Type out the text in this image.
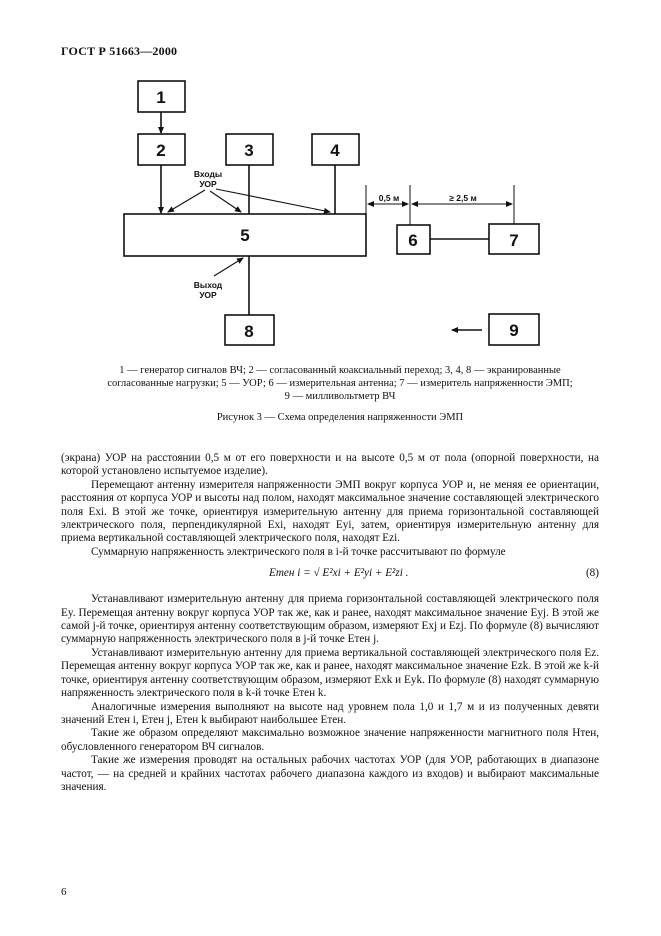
ГОСТ Р 51663—2000
1
2	3	4
5	6	7
8	9
Входы
УОР
Выход
УОР
0,5 м	≥ 2,5 м
1 — генератор сигналов ВЧ; 2 — согласованный коаксиальный переход; 3, 4, 8 — экранированные
согласованные нагрузки; 5 — УОР; 6 — измерительная антенна; 7 — измеритель напряженности ЭМП;
9 — милливольтметр ВЧ
Рисунок 3 — Схема определения напряженности ЭМП

(экрана) УОР на расстоянии 0,5 м от его поверхности и на высоте 0,5 м от пола (опорной поверхности, на которой установлено испытуемое изделие).

Перемещают антенну измерителя напряженности ЭМП вокруг корпуса УОР и, не меняя ее ориентации, расстояния от корпуса УОР и высоты над полом, находят максимальное значение составляющей электрического поля Exi. В этой же точке, ориентируя измерительную антенну для приема горизонтальной составляющей электрического поля, перпендикулярной Exi, находят Eyi, затем, ориентируя измерительную антенну для приема вертикальной составляющей электрического поля, находят Ezi.

Суммарную напряженность электрического поля в i-й точке рассчитывают по формуле

Eтен i = √ E²xi + E²yi + E²zi .	(8)

Устанавливают измерительную антенну для приема горизонтальной составляющей электрического поля Ey. Перемещая антенну вокруг корпуса УОР так же, как и ранее, находят максимальное значение Eyj. В этой же самой j-й точке, ориентируя антенну соответствующим образом, измеряют Exj и Ezj. По формуле (8) вычисляют суммарную напряженность электрического поля в j-й точке Eтен j.

Устанавливают измерительную антенну для приема вертикальной составляющей электрического поля Ez. Перемещая антенну вокруг корпуса УОР так же, как и ранее, находят максимальное значение Ezk. В этой же k-й точке, ориентируя антенну соответствующим образом, измеряют Exk и Eyk. По формуле (8) находят суммарную напряженность электрического поля в k-й точке Eтен k.

Аналогичные измерения выполняют на высоте над уровнем пола 1,0 и 1,7 м и из полученных девяти значений Eтен i, Eтен j, Eтен k выбирают наибольшее Eтен.

Такие же образом определяют максимально возможное значение напряженности магнитного поля Hтен, обусловленного генератором ВЧ сигналов.

Такие же измерения проводят на остальных рабочих частотах УОР (для УОР, работающих в диапазоне частот, — на средней и крайних частотах рабочего диапазона каждого из входов) и выбирают максимальные значения.

6
